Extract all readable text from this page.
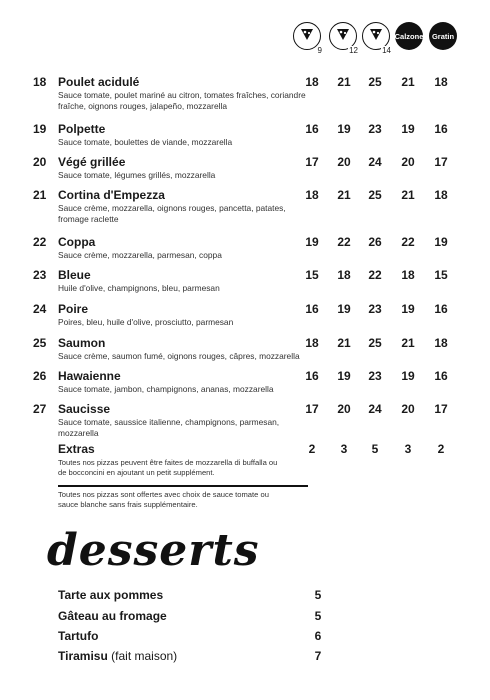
9	12	14
Calzone	Gratin
18 Poulet acidulé
Sauce tomate, poulet mariné au citron, tomates fraîches, coriandre fraîche, oignons rouges, jalapeño, mozzarella
18	21	25	21	18
19 Polpette
Sauce tomate, boulettes de viande, mozzarella
16	19	23	19	16
20 Végé grillée
Sauce tomate, légumes grillés, mozzarella
17	20	24	20	17
21 Cortina d'Empezza
Sauce crème, mozzarella, oignons rouges, pancetta, patates, fromage raclette
18	21	25	21	18
22 Coppa
Sauce crème, mozzarella, parmesan, coppa
19	22	26	22	19
23 Bleue
Huile d'olive, champignons, bleu, parmesan
15	18	22	18	15
24 Poire
Poires, bleu, huile d'olive, prosciutto, parmesan
16	19	23	19	16
25 Saumon
Sauce crème, saumon fumé, oignons rouges, câpres, mozzarella
18	21	25	21	18
26 Hawaienne
Sauce tomate, jambon, champignons, ananas, mozzarella
16	19	23	19	16
27 Saucisse
Sauce tomate, saussice italienne, champignons, parmesan, mozzarella
17	20	24	20	17
Extras
Toutes nos pizzas peuvent être faites de mozzarella di buffalla ou de bocconcini en ajoutant un petit supplément.
2	3	5	3	2
Toutes nos pizzas sont offertes avec choix de sauce tomate ou sauce blanche sans frais supplémentaire.
desserts
Tarte aux pommes	5
Gâteau au fromage	5
Tartufo	6
Tiramisu (fait maison)	7
